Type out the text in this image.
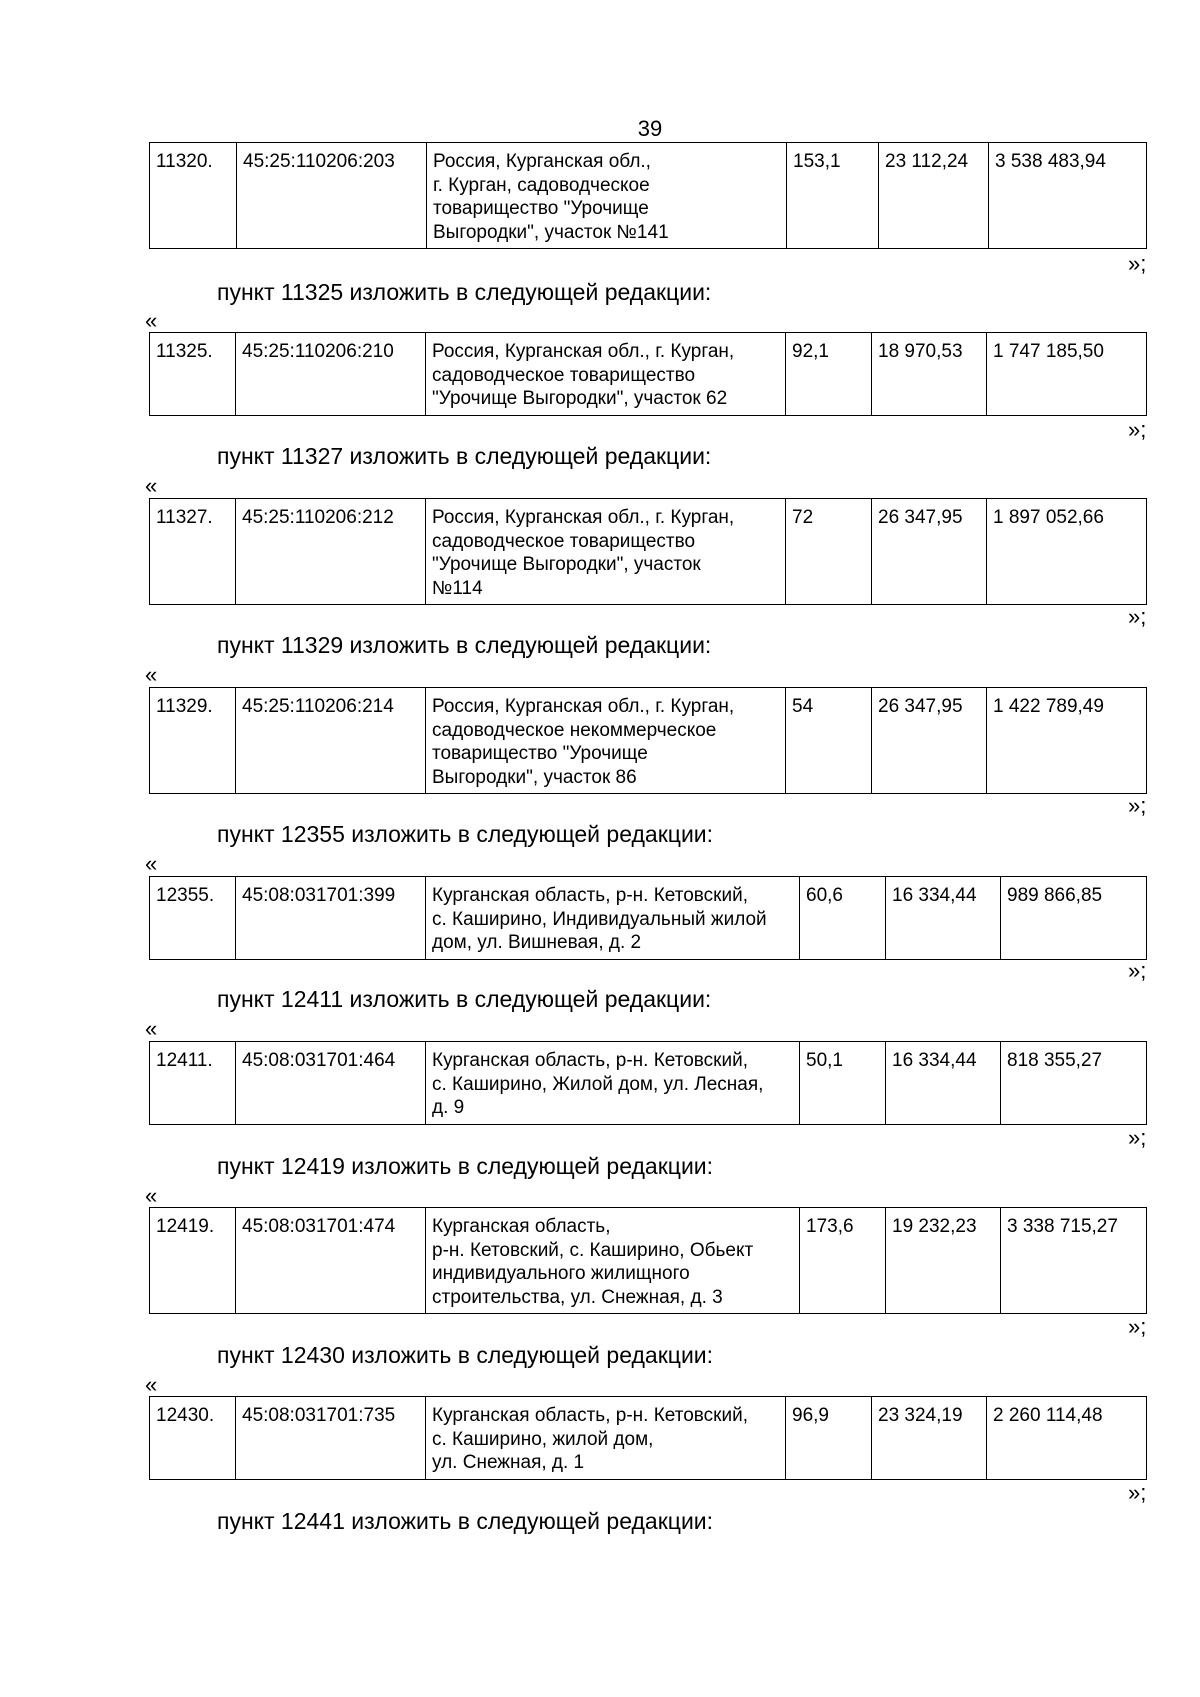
39
11320.	45:25:110206:203	Россия, Курганская обл.,
г. Курган, садоводческое
товарищество "Урочище
Выгородки", участок №141	153,1	23 112,24	3 538 483,94
»;
пункт 11325 изложить в следующей редакции:
«
11325.	45:25:110206:210	Россия, Курганская обл., г. Курган,
садоводческое товарищество
"Урочище Выгородки", участок 62	92,1	18 970,53	1 747 185,50
»;
пункт 11327 изложить в следующей редакции:
«
11327.	45:25:110206:212	Россия, Курганская обл., г. Курган,
садоводческое товарищество
"Урочище Выгородки", участок
№114	72	26 347,95	1 897 052,66
»;
пункт 11329 изложить в следующей редакции:
«
11329.	45:25:110206:214	Россия, Курганская обл., г. Курган,
садоводческое некоммерческое
товарищество "Урочище
Выгородки", участок 86	54	26 347,95	1 422 789,49
»;
пункт 12355 изложить в следующей редакции:
«
12355.	45:08:031701:399	Курганская область, р-н. Кетовский,
с. Каширино, Индивидуальный жилой
дом, ул. Вишневая, д. 2	60,6	16 334,44	989 866,85
»;
пункт 12411 изложить в следующей редакции:
«
12411.	45:08:031701:464	Курганская область, р-н. Кетовский,
с. Каширино, Жилой дом, ул. Лесная,
д. 9	50,1	16 334,44	818 355,27
»;
пункт 12419 изложить в следующей редакции:
«
12419.	45:08:031701:474	Курганская область,
р-н. Кетовский, с. Каширино, Обьект
индивидуального жилищного
строительства, ул. Снежная, д. 3	173,6	19 232,23	3 338 715,27
»;
пункт 12430 изложить в следующей редакции:
«
12430.	45:08:031701:735	Курганская область, р-н. Кетовский,
с. Каширино, жилой дом,
ул. Снежная, д. 1	96,9	23 324,19	2 260 114,48
»;
пункт 12441 изложить в следующей редакции:
